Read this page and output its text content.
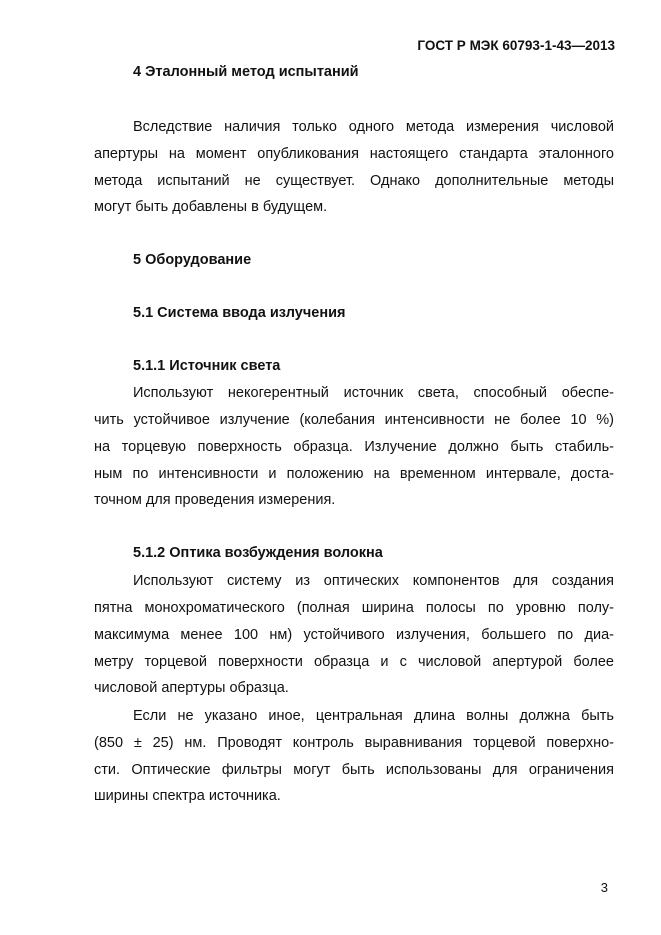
ГОСТ Р МЭК 60793-1-43—2013
4 Эталонный метод испытаний
Вследствие наличия только одного метода измерения числовой
апертуры на момент опубликования настоящего стандарта эталонного
метода испытаний не существует. Однако дополнительные методы
могут быть добавлены в будущем.
5 Оборудование
5.1 Система ввода излучения
5.1.1 Источник света
Используют некогерентный источник света, способный обеспе-
чить устойчивое излучение (колебания интенсивности не более 10 %)
на торцевую поверхность образца. Излучение должно быть стабиль-
ным по интенсивности и положению на временном интервале, доста-
точном для проведения измерения.
5.1.2 Оптика возбуждения волокна
Используют систему из оптических компонентов для создания
пятна монохроматического (полная ширина полосы по уровню полу-
максимума менее 100 нм) устойчивого излучения, большего по диа-
метру торцевой поверхности образца и с числовой апертурой более
числовой апертуры образца.
Если не указано иное, центральная длина волны должна быть
(850 ± 25) нм. Проводят контроль выравнивания торцевой поверхно-
сти. Оптические фильтры могут быть использованы для ограничения
ширины спектра источника.
3
